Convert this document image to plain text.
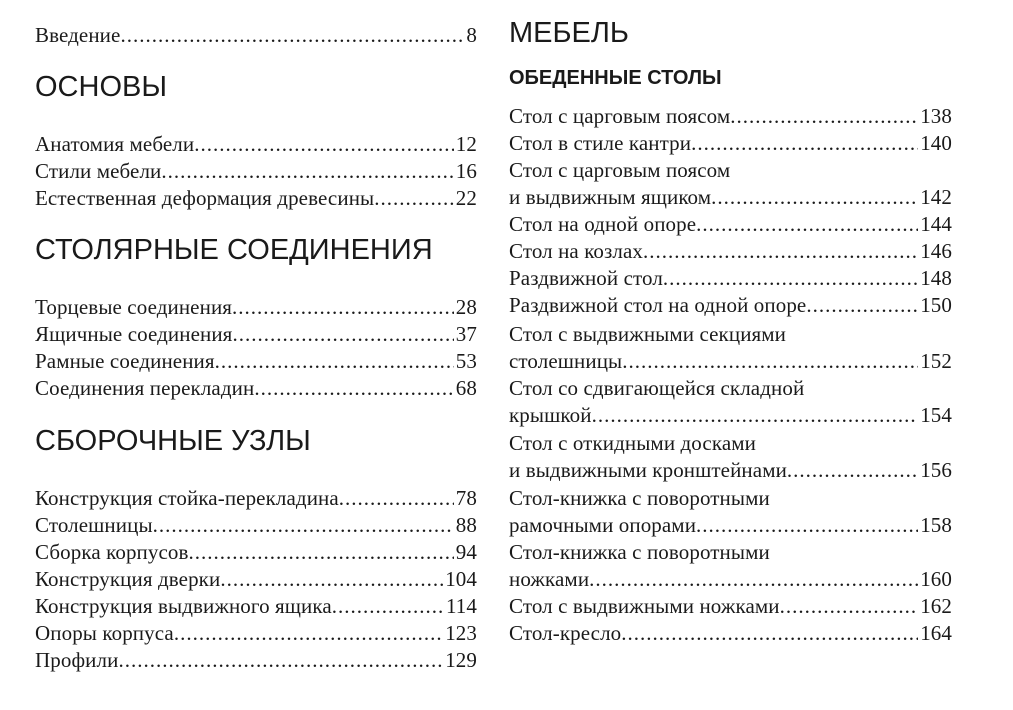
Введение .....	8
ОСНОВЫ
Анатомия мебели .....	12
Стили мебели .....	16
Естественная деформация древесины .....	22
СТОЛЯРНЫЕ СОЕДИНЕНИЯ
Торцевые соединения .....	28
Ящичные соединения .....	37
Рамные соединения .....	53
Соединения перекладин .....	68
СБОРОЧНЫЕ УЗЛЫ
Конструкция стойка-перекладина .....	78
Столешницы .....	88
Сборка корпусов .....	94
Конструкция дверки .....	104
Конструкция выдвижного ящика .....	114
Опоры корпуса .....	123
Профили .....	129
МЕБЕЛЬ
ОБЕДЕННЫЕ СТОЛЫ
Стол с царговым поясом .....	138
Стол в стиле кантри .....	140
Стол с царговым поясом
и выдвижным ящиком .....	142
Стол на одной опоре .....	144
Стол на козлах .....	146
Раздвижной стол .....	148
Раздвижной стол на одной опоре .....	150
Стол с выдвижными секциями
столешницы .....	152
Стол со сдвигающейся складной
крышкой .....	154
Стол с откидными досками
и выдвижными кронштейнами .....	156
Стол-книжка с поворотными
рамочными опорами .....	158
Стол-книжка с поворотными
ножками .....	160
Стол с выдвижными ножками .....	162
Стол-кресло .....	164
